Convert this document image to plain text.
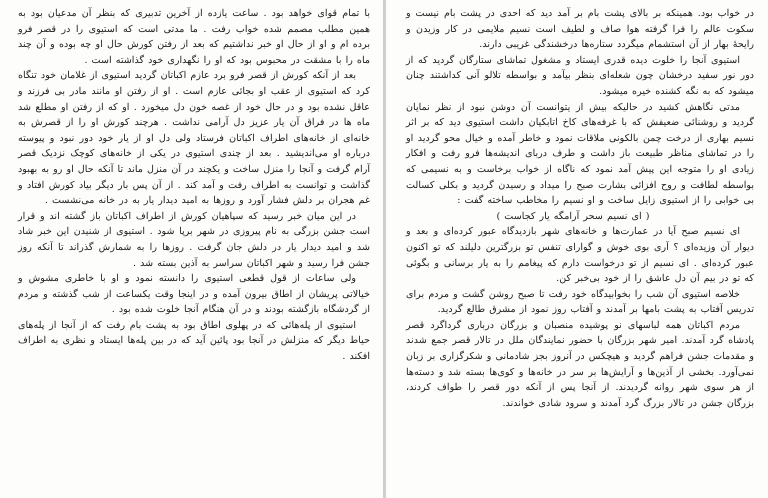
در خواب بود. همینکه بر بالای پشت بام بر آمد دید که احدی در پشت بام نیست و سکوت عالم را فرا گرفته هوا صاف و لطیف است نسیم ملایمی در کار وزیدن و رایحهٔ بهار از آن استشمام میگردد ستاره‌ها درخشندگی غریبی دارند.

استیوی آنجا را خلوت دیده قدری ایستاد و مشغول تماشای ستارگان گردید که از دور نور سفید درخشان چون شعله‌ای بنظر بیآمد و بواسطه تلالو آنی کداشتند چنان میشود که به نگه کشنده خیره میشود.

مدتی نگاهش کشید در حالیکه بیش از یتوانست آن دوشن نبود از نظر نمایان گردید و روشنائی ضعیفش که با غرفه‌های کاخ اتابکیان داشت استیوی دید که بر اثر نسیم بهاری از درخت چمن بالکونی ملاقات نمود و خاطر آمده و خیال محو گردید او را در تماشای مناظر طبیعت باز داشت و طرف دربای اندیشه‌ها فرو رفت و افکار زیادی او را متوجه این پیش آمد نمود که ناگاه از خواب برخاست و به نسیمی که بواسطه لطافت و روح افزائی بشارت صبح را میداد و رسیدن گردید و بکلی کسالت بی خوابی را از استیوی زایل ساخت و او نسیم را مخاطب ساخته گفت :

( ای نسیم سحر آرامگه یار کجاست )

ای نسیم صبح آیا در عمارت‌ها و خانه‌های شهر بازدیدگاه عبور کرده‌ای و بعد و دیوار آن وزیده‌ای ؟ آری بوی خوش و گوارای تنفس تو بزرگترین دلیلند که تو اکنون عبور کرده‌ای . ای نسیم از تو درخواست دارم که پیغامم را به یار برسانی و بگوئی که تو در بیم آن دل عاشق را از خود بی‌خبر کن.

خلاصه استیوی آن شب را بخوابیدگاه خود رفت تا صبح روشن گشت و مردم برای تدریس آفتاب به پشت بامها بر آمدند و آفتاب روز نمود از مشرق طالع گردید.

مردم اکباتان همه لباسهای نو پوشیده منصبان و بزرگان درباری گرداگرد قصر پادشاه گرد آمدند. امیر شهر بزرگان با حضور نمایندگان ملل در تالار قصر جمع شدند و مقدمات جشن فراهم گردید و هیچکس در آنروز بجز شادمانی و شکرگزاری بر زبان نمی‌آورد. بخشی از آذین‌ها و آرایش‌ها بر سر در خانه‌ها و کوی‌ها بسته شد و دسته‌ها از هر سوی شهر روانه گردیدند. از آنجا پس از آنکه دور قصر را طواف کردند، بزرگان جشن در تالار بزرگ گرد آمدند و سرود شادی خواندند.

با تمام قوای خواهد بود . ساعت یازده از آخرین تدبیری که بنظر آن مدعیان بود به همین مطلب مصمم شده خواب رفت . ما مدتی است که استیوی را در قصر فرو برده ام و او از حال او خبر نداشتیم که بعد از رفتن کورش حال او چه بوده و آن چند ماه را با مشقت در محبوس بود که او را نگهداری خود گذاشته است .

بعد از آنکه کورش از قصر فرو برد عازم اکباتان گردید استیوی از غلامان خود تنگاه کرد که استیوی از عقب او بجائی عازم است . او از رفتن او مانند مادر بی فرزند و عاقل نشده بود و در حال خود از غصه خون دل میخورد . او که از رفتن او مطلع شد ماه ها در فراق آن یار عزیز دل آرامی نداشت . هرچند کورش او را از قصرش به خانه‌ای از خانه‌های اطراف اکباتان فرستاد ولی دل او از یار خود دور نبود و پیوسته درباره او می‌اندیشید . بعد از چندی استیوی در یکی از خانه‌های کوچک نزدیک قصر آرام گرفت و آنجا را منزل ساخت و یکچند در آن منزل ماند تا آنکه حال او رو به بهبود گذاشت و توانست به اطراف رفت و آمد کند . از آن پس بار دیگر بیاد کورش افتاد و غم هجران بر دلش فشار آورد و روزها به امید دیدار یار به در خانه می‌نشست .

در این میان خبر رسید که سپاهیان کورش از اطراف اکباتان باز گشته اند و قرار است جشن بزرگی به نام پیروزی در شهر برپا شود . استیوی از شنیدن این خبر شاد شد و امید دیدار یار در دلش جان گرفت . روز‌ها را به شمارش گذراند تا آنکه روز جشن فرا رسید و شهر اکباتان سراسر به آذین بسته شد .

ولی ساعات از قول قطعی استیوی را دانسته نمود و او با خاطری مشوش و خیالاتی پریشان از اطاق بیرون آمده و در اینجا وقت یکساعت از شب گذشته و مردم از گردشگاه بازگشته بودند و در آن هنگام آنجا خلوت شده بود .

استیوی از پله‌هائی که در پهلوی اطاق بود به پشت بام رفت که از آنجا از پله‌های حیاط دیگر که منزلش در آنجا بود پائین آید که در بین پله‌ها ایستاد و نظری به اطراف افکند .
